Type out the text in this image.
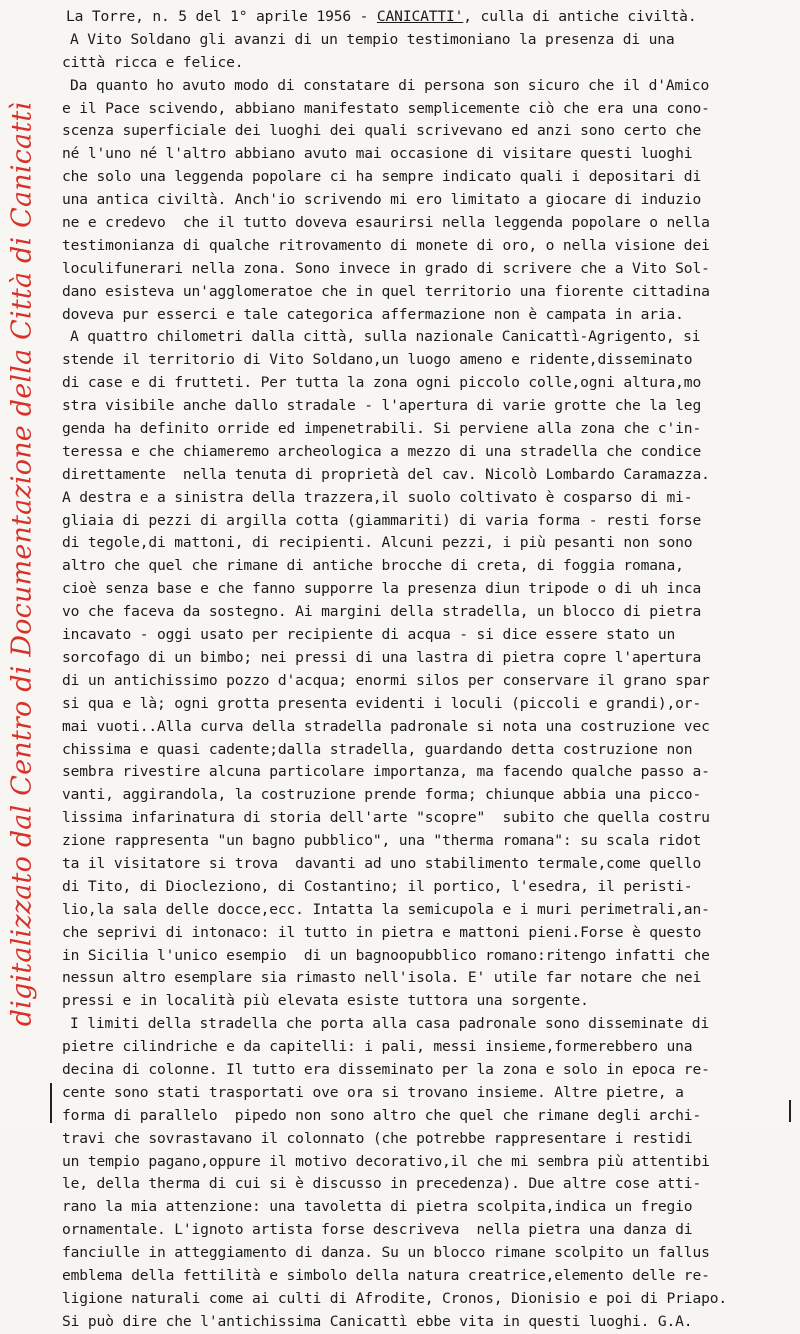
digitalizzato dal Centro di Documentazione della Città di Canicattì
La Torre, n. 5 del 1° aprile 1956 - CANICATTI', culla di antiche civiltà.
A Vito Soldano gli avanzi di un tempio testimoniano la presenza di una
città ricca e felice.
Da quanto ho avuto modo di constatare di persona son sicuro che il d'Amico
e il Pace scivendo, abbiano manifestato semplicemente ciò che era una cono-
scenza superficiale dei luoghi dei quali scrivevano ed anzi sono certo che
né l'uno né l'altro abbiano avuto mai occasione di visitare questi luoghi
che solo una leggenda popolare ci ha sempre indicato quali i depositari di
una antica civiltà. Anch'io scrivendo mi ero limitato a giocare di induzio
ne e credevo  che il tutto doveva esaurirsi nella leggenda popolare o nella
testimonianza di qualche ritrovamento di monete di oro, o nella visione dei
loculifunerari nella zona. Sono invece in grado di scrivere che a Vito Sol-
dano esisteva un'agglomeratoe che in quel territorio una fiorente cittadina
doveva pur esserci e tale categorica affermazione non è campata in aria.
A quattro chilometri dalla città, sulla nazionale Canicattì-Agrigento, si
stende il territorio di Vito Soldano,un luogo ameno e ridente,disseminato
di case e di frutteti. Per tutta la zona ogni piccolo colle,ogni altura,mo
stra visibile anche dallo stradale - l'apertura di varie grotte che la leg
genda ha definito orride ed impenetrabili. Si perviene alla zona che c'in-
teressa e che chiameremo archeologica a mezzo di una stradella che condice
direttamente  nella tenuta di proprietà del cav. Nicolò Lombardo Caramazza.
A destra e a sinistra della trazzera,il suolo coltivato è cosparso di mi-
gliaia di pezzi di argilla cotta (giammariti) di varia forma - resti forse
di tegole,di mattoni, di recipienti. Alcuni pezzi, i più pesanti non sono
altro che quel che rimane di antiche brocche di creta, di foggia romana,
cioè senza base e che fanno supporre la presenza diun tripode o di uh inca
vo che faceva da sostegno. Ai margini della stradella, un blocco di pietra
incavato - oggi usato per recipiente di acqua - si dice essere stato un
sorcofago di un bimbo; nei pressi di una lastra di pietra copre l'apertura
di un antichissimo pozzo d'acqua; enormi silos per conservare il grano spar
si qua e là; ogni grotta presenta evidenti i loculi (piccoli e grandi),or-
mai vuoti..Alla curva della stradella padronale si nota una costruzione vec
chissima e quasi cadente;dalla stradella, guardando detta costruzione non
sembra rivestire alcuna particolare importanza, ma facendo qualche passo a-
vanti, aggirandola, la costruzione prende forma; chiunque abbia una picco-
lissima infarinatura di storia dell'arte "scopre"  subito che quella costru
zione rappresenta "un bagno pubblico", una "therma romana": su scala ridot
ta il visitatore si trova  davanti ad uno stabilimento termale,come quello
di Tito, di Diocleziono, di Costantino; il portico, l'esedra, il peristi-
lio,la sala delle docce,ecc. Intatta la semicupola e i muri perimetrali,an-
che seprivi di intonaco: il tutto in pietra e mattoni pieni.Forse è questo
in Sicilia l'unico esempio  di un bagnoopubblico romano:ritengo infatti che
nessun altro esemplare sia rimasto nell'isola. E' utile far notare che nei
pressi e in località più elevata esiste tuttora una sorgente.
I limiti della stradella che porta alla casa padronale sono disseminate di
pietre cilindriche e da capitelli: i pali, messi insieme,formerebbero una
decina di colonne. Il tutto era disseminato per la zona e solo in epoca re-
cente sono stati trasportati ove ora si trovano insieme. Altre pietre, a
forma di parallelo  pipedo non sono altro che quel che rimane degli archi-
travi che sovrastavano il colonnato (che potrebbe rappresentare i restidi
un tempio pagano,oppure il motivo decorativo,il che mi sembra più attentibi
le, della therma di cui si è discusso in precedenza). Due altre cose atti-
rano la mia attenzione: una tavoletta di pietra scolpita,indica un fregio
ornamentale. L'ignoto artista forse descriveva  nella pietra una danza di
fanciulle in atteggiamento di danza. Su un blocco rimane scolpito un fallus
emblema della fettilità e simbolo della natura creatrice,elemento delle re-
ligione naturali come ai culti di Afrodite, Cronos, Dionisio e poi di Priapo.
Si può dire che l'antichissima Canicattì ebbe vita in questi luoghi. G.A.
